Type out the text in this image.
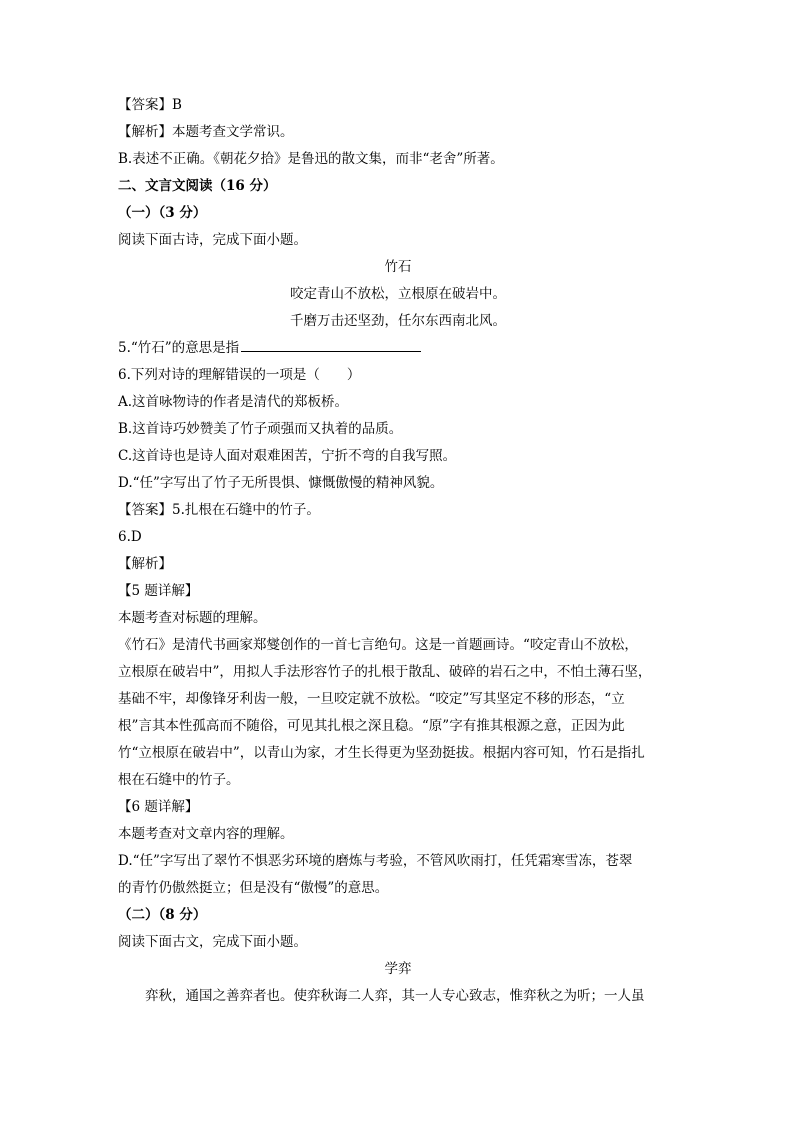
【答案】B
【解析】本题考查文学常识。
B.表述不正确。《朝花夕拾》是鲁迅的散文集，而非“老舍”所著。
二、文言文阅读（16 分）
（一）（3 分）
阅读下面古诗，完成下面小题。
竹石
咬定青山不放松，立根原在破岩中。
千磨万击还坚劲，任尔东西南北风。
5.“竹石”的意思是指
6.下列对诗的理解错误的一项是（　　）
A.这首咏物诗的作者是清代的郑板桥。
B.这首诗巧妙赞美了竹子顽强而又执着的品质。
C.这首诗也是诗人面对艰难困苦，宁折不弯的自我写照。
D.“任”字写出了竹子无所畏惧、慷慨傲慢的精神风貌。
【答案】5.扎根在石缝中的竹子。
6.D
【解析】
【5 题详解】
本题考查对标题的理解。
《竹石》是清代书画家郑燮创作的一首七言绝句。这是一首题画诗。“咬定青山不放松，
立根原在破岩中”，用拟人手法形容竹子的扎根于散乱、破碎的岩石之中，不怕土薄石坚，
基础不牢，却像锋牙利齿一般，一旦咬定就不放松。“咬定”写其坚定不移的形态，“立
根”言其本性孤高而不随俗，可见其扎根之深且稳。“原”字有推其根源之意，正因为此
竹“立根原在破岩中”，以青山为家，才生长得更为坚劲挺拔。根据内容可知，竹石是指扎
根在石缝中的竹子。
【6 题详解】
本题考查对文章内容的理解。
D.“任”字写出了翠竹不惧恶劣环境的磨炼与考验，不管风吹雨打，任凭霜寒雪冻，苍翠
的青竹仍傲然挺立；但是没有“傲慢”的意思。
（二）（8 分）
阅读下面古文，完成下面小题。
学弈
弈秋，通国之善弈者也。使弈秋诲二人弈，其一人专心致志，惟弈秋之为听；一人虽
